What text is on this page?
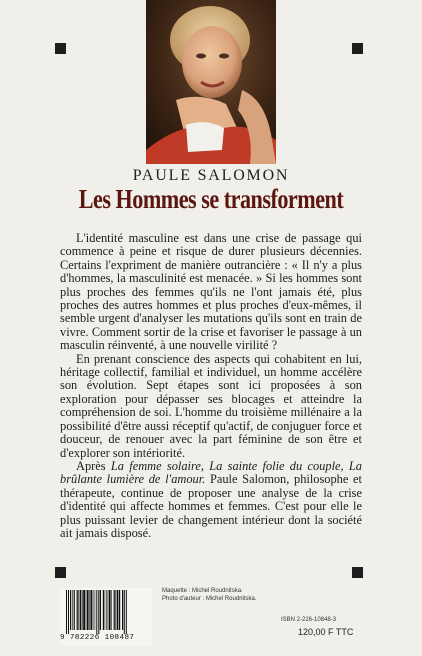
PAULE SALOMON
Les Hommes se transforment

L'identité masculine est dans une crise de passage qui commence à peine et risque de durer plusieurs décennies. Certains l'expriment de manière outrancière : « Il n'y a plus d'hommes, la masculinité est menacée. » Si les hommes sont plus proches des femmes qu'ils ne l'ont jamais été, plus proches des autres hommes et plus proches d'eux-mêmes, il semble urgent d'analyser les mutations qu'ils sont en train de vivre. Comment sortir de la crise et favoriser le passage à un masculin réinventé, à une nouvelle virilité ?

En prenant conscience des aspects qui cohabitent en lui, héritage collectif, familial et individuel, un homme accélère son évolution. Sept étapes sont ici proposées à son exploration pour dépasser ses blocages et atteindre la compréhension de soi. L'homme du troisième millénaire a la possibilité d'être aussi réceptif qu'actif, de conjuguer force et douceur, de renouer avec la part féminine de son être et d'explorer son intériorité.

Après La femme solaire, La sainte folie du couple, La brûlante lumière de l'amour. Paule Salomon, philosophe et thérapeute, continue de proposer une analyse de la crise d'identité qui affecte hommes et femmes. C'est pour elle le plus puissant levier de changement intérieur dont la société ait jamais disposé.

9 782226 108487
Maquette : Michel Roudnitska.
Photo d'auteur : Michel Roudnitska.
ISBN 2-226-10848-3
120,00 F TTC
